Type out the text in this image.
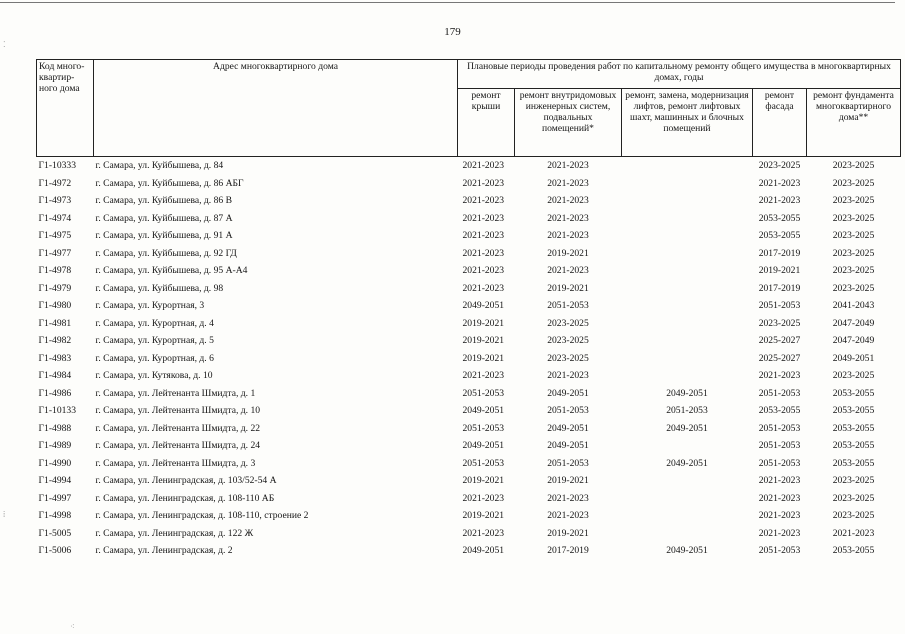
179
Код много-квартир-ного дома	Адрес многоквартирного дома	Плановые периоды проведения работ по капитальному ремонту общего имущества в многоквартирных домах, годы				
		ремонт крыши	ремонт внутридомовых инженерных систем, подвальных помещений*	ремонт, замена, модернизация лифтов, ремонт лифтовых шахт, машинных и блочных помещений	ремонт фасада	ремонт фундамента многоквартирного дома**
Г1-10333	г. Самара, ул. Куйбышева, д. 84	2021-2023	2021-2023		2023-2025	2023-2025
Г1-4972	г. Самара, ул. Куйбышева, д. 86 АБГ	2021-2023	2021-2023		2021-2023	2023-2025
Г1-4973	г. Самара, ул. Куйбышева, д. 86 В	2021-2023	2021-2023		2021-2023	2023-2025
Г1-4974	г. Самара, ул. Куйбышева, д. 87 А	2021-2023	2021-2023		2053-2055	2023-2025
Г1-4975	г. Самара, ул. Куйбышева, д. 91 А	2021-2023	2021-2023		2053-2055	2023-2025
Г1-4977	г. Самара, ул. Куйбышева, д. 92 ГД	2021-2023	2019-2021		2017-2019	2023-2025
Г1-4978	г. Самара, ул. Куйбышева, д. 95 А-А4	2021-2023	2021-2023		2019-2021	2023-2025
Г1-4979	г. Самара, ул. Куйбышева, д. 98	2021-2023	2019-2021		2017-2019	2023-2025
Г1-4980	г. Самара, ул. Курортная, 3	2049-2051	2051-2053		2051-2053	2041-2043
Г1-4981	г. Самара, ул. Курортная, д. 4	2019-2021	2023-2025		2023-2025	2047-2049
Г1-4982	г. Самара, ул. Курортная, д. 5	2019-2021	2023-2025		2025-2027	2047-2049
Г1-4983	г. Самара, ул. Курортная, д. 6	2019-2021	2023-2025		2025-2027	2049-2051
Г1-4984	г. Самара, ул. Кутякова, д. 10	2021-2023	2021-2023		2021-2023	2023-2025
Г1-4986	г. Самара, ул. Лейтенанта Шмидта, д. 1	2051-2053	2049-2051	2049-2051	2051-2053	2053-2055
Г1-10133	г. Самара, ул. Лейтенанта Шмидта, д. 10	2049-2051	2051-2053	2051-2053	2053-2055	2053-2055
Г1-4988	г. Самара, ул. Лейтенанта Шмидта, д. 22	2051-2053	2049-2051	2049-2051	2051-2053	2053-2055
Г1-4989	г. Самара, ул. Лейтенанта Шмидта, д. 24	2049-2051	2049-2051		2051-2053	2053-2055
Г1-4990	г. Самара, ул. Лейтенанта Шмидта, д. 3	2051-2053	2051-2053	2049-2051	2051-2053	2053-2055
Г1-4994	г. Самара, ул. Ленинградская, д. 103/52-54 А	2019-2021	2019-2021		2021-2023	2023-2025
Г1-4997	г. Самара, ул. Ленинградская, д. 108-110 АБ	2021-2023	2021-2023		2021-2023	2023-2025
Г1-4998	г. Самара, ул. Ленинградская, д. 108-110, строение 2	2019-2021	2021-2023		2021-2023	2023-2025
Г1-5005	г. Самара, ул. Ленинградская, д. 122 Ж	2021-2023	2019-2021		2021-2023	2021-2023
Г1-5006	г. Самара, ул. Ленинградская, д. 2	2049-2051	2017-2019	2049-2051	2051-2053	2053-2055
⁚
⁞
⁖
